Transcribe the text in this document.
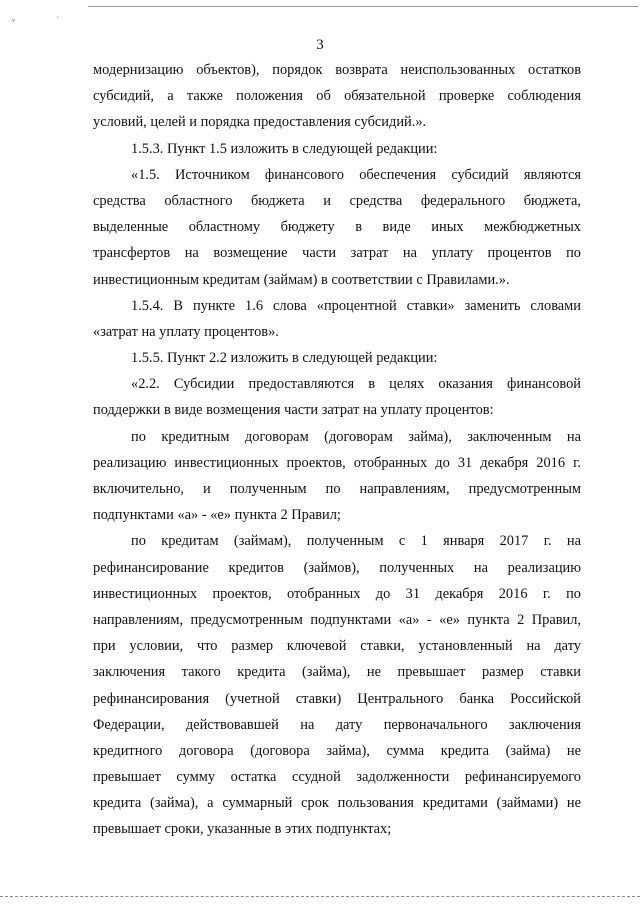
ᵥ	˒
3
модернизацию объектов), порядок возврата неиспользованных остатков
субсидий, а также положения об обязательной проверке соблюдения
условий, целей и порядка предоставления субсидий.».
1.5.3. Пункт 1.5 изложить в следующей редакции:
«1.5. Источником финансового обеспечения субсидий являются
средства областного бюджета и средства федерального бюджета,
выделенные областному бюджету в виде иных межбюджетных
трансфертов на возмещение части затрат на уплату процентов по
инвестиционным кредитам (займам) в соответствии с Правилами.».
1.5.4. В пункте 1.6 слова «процентной ставки» заменить словами
«затрат на уплату процентов».
1.5.5. Пункт 2.2 изложить в следующей редакции:
«2.2. Субсидии предоставляются в целях оказания финансовой
поддержки в виде возмещения части затрат на уплату процентов:
по кредитным договорам (договорам займа), заключенным на
реализацию инвестиционных проектов, отобранных до 31 декабря 2016 г.
включительно, и полученным по направлениям, предусмотренным
подпунктами «а» - «е» пункта 2 Правил;
по кредитам (займам), полученным с 1 января 2017 г. на
рефинансирование кредитов (займов), полученных на реализацию
инвестиционных проектов, отобранных до 31 декабря 2016 г. по
направлениям, предусмотренным подпунктами «а» - «е» пункта 2 Правил,
при условии, что размер ключевой ставки, установленный на дату
заключения такого кредита (займа), не превышает размер ставки
рефинансирования (учетной ставки) Центрального банка Российской
Федерации, действовавшей на дату первоначального заключения
кредитного договора (договора займа), сумма кредита (займа) не
превышает сумму остатка ссудной задолженности рефинансируемого
кредита (займа), а суммарный срок пользования кредитами (займами) не
превышает сроки, указанные в этих подпунктах;
